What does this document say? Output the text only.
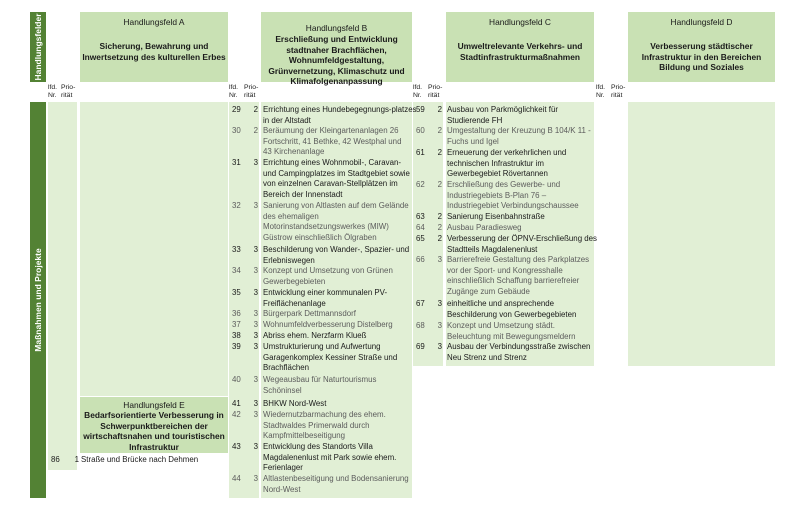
Handlungsfelder
Maßnahmen und Projekte
Handlungsfeld A
Sicherung, Bewahrung und Inwertsetzung des kulturellen Erbes
Handlungsfeld B
Erschließung und Entwicklung stadtnaher Brachflächen, Wohnumfeldgestaltung, Grünvernetzung, Klimaschutz und Klimafolgenanpassung
Handlungsfeld C
Umweltrelevante Verkehrs- und Stadtinfrastrukturmaßnahmen
Handlungsfeld D
Verbesserung städtischer Infrastruktur in den Bereichen Bildung und Soziales
Handlungsfeld E
Bedarfsorientierte Verbesserung in Schwerpunktbereichen der wirtschaftsnahen und touristischen Infrastruktur
lfd.
Nr.
Prio-
rität
lfd.
Nr.
Prio-
rität
lfd.
Nr.
Prio-
rität
lfd.
Nr.
Prio-
rität
29	2 Errichtung eines Hundebegegnungs-platzes
in der Altstadt
30	2 Beräumung der Kleingartenanlagen 26
Fortschritt, 41 Bethke, 42 Westphal und
43 Kirchenanlage
31	3 Errichtung eines Wohnmobil-, Caravan-
und Campingplatzes im Stadtgebiet sowie
von einzelnen Caravan-Stellplätzen im
Bereich der Innenstadt
32	3 Sanierung von Altlasten auf dem Gelände
des ehemaligen
Motorinstandsetzungswerkes (MIW)
Güstrow einschließlich Ölgraben
33	3 Beschilderung von Wander-, Spazier- und
Erlebniswegen
34	3 Konzept und Umsetzung von Grünen
Gewerbegebieten
35	3 Entwicklung einer kommunalen PV-
Freiflächenanlage
36	3 Bürgerpark Dettmannsdorf
37	3 Wohnumfeldverbesserung Distelberg
38	3 Abriss ehem. Nerzfarm Klueß
39	3 Umstrukturierung und Aufwertung
Garagenkomplex Kessiner Straße und
Brachflächen
40	3 Wegeausbau für Naturtourismus
Schöninsel
41	3 BHKW Nord-West
42	3 Wiedernutzbarmachung des ehem.
Stadtwaldes Primerwald durch
Kampfmittelbeseitigung
43	3 Entwicklung des Standorts Villa
Magdalenenlust mit Park sowie ehem.
Ferienlager
44	3 Altlastenbeseitigung und Bodensanierung
Nord-West
59	2 Ausbau von Parkmöglichkeit für
Studierende FH
60	2 Umgestaltung der Kreuzung B 104/K 11 -
Fuchs und Igel
61	2 Erneuerung der verkehrlichen und
technischen Infrastruktur im
Gewerbegebiet Rövertannen
62	2 Erschließung des Gewerbe- und
Industriegebiets B-Plan 76 –
Industriegebiet Verbindungschaussee
63	2 Sanierung Eisenbahnstraße
64	2 Ausbau Paradiesweg
65	2 Verbesserung der ÖPNV-Erschließung des
Stadtteils Magdalenenlust
66	3 Barrierefreie Gestaltung des Parkplatzes
vor der Sport- und Kongresshalle
einschließlich Schaffung barrierefreier
Zugänge zum Gebäude
67	3 einheitliche und ansprechende
Beschilderung von Gewerbegebieten
68	3 Konzept und Umsetzung städt.
Beleuchtung mit Bewegungsmeldern
69	3 Ausbau der Verbindungsstraße zwischen
Neu Strenz und Strenz
86	1 Straße und Brücke nach Dehmen
